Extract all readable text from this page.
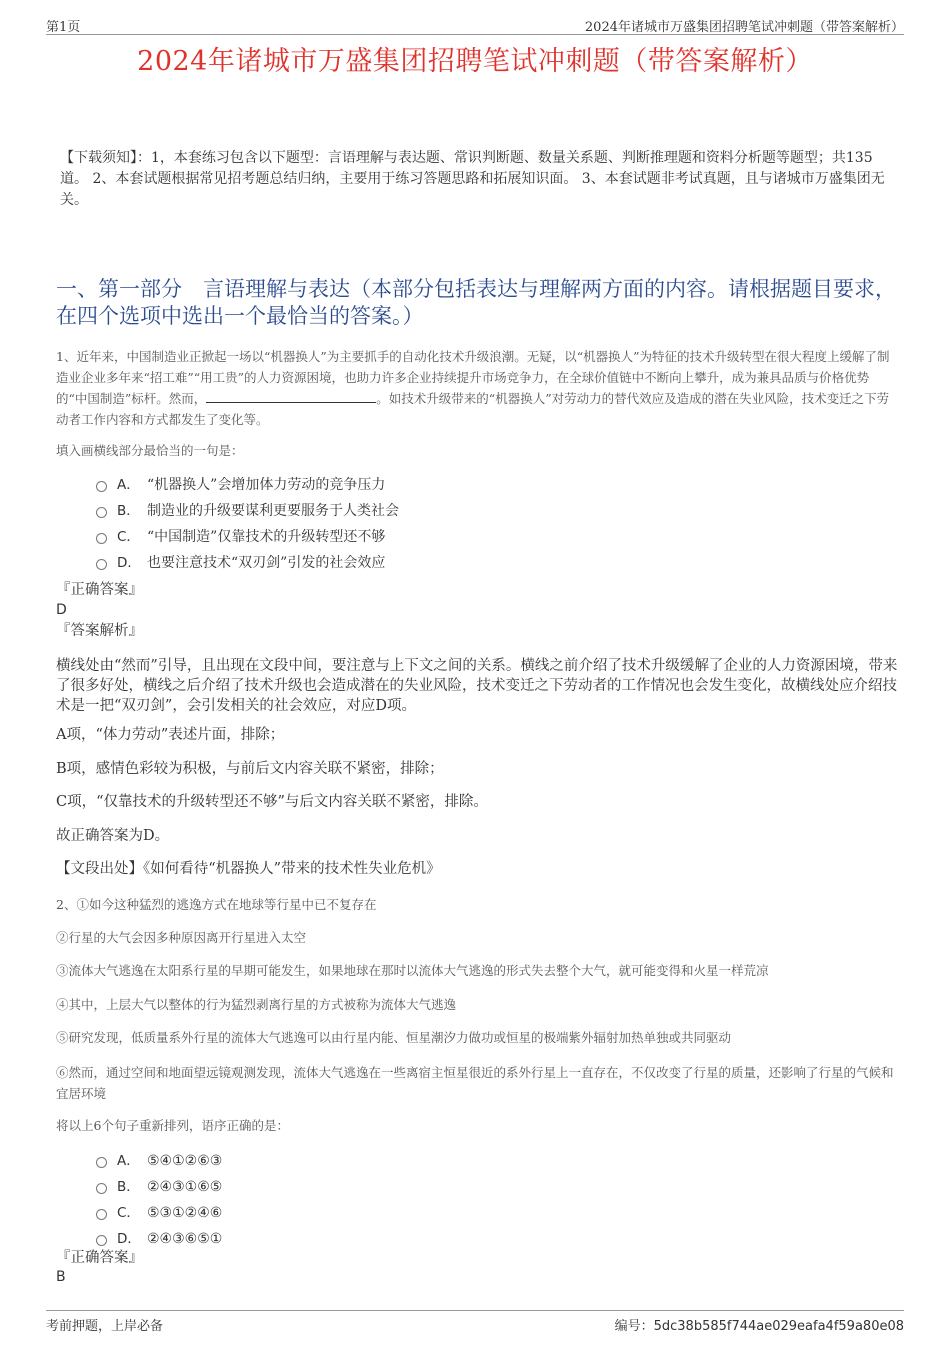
第1页	2024年诸城市万盛集团招聘笔试冲刺题（带答案解析）
2024年诸城市万盛集团招聘笔试冲刺题（带答案解析）
【下载须知】：1，本套练习包含以下题型：言语理解与表达题、常识判断题、数量关系题、判断推理题和资料分析题等题型；共135道。 2、本套试题根据常见招考题总结归纳，主要用于练习答题思路和拓展知识面。 3、本套试题非考试真题，且与诸城市万盛集团无关。
一、第一部分　言语理解与表达（本部分包括表达与理解两方面的内容。请根据题目要求，在四个选项中选出一个最恰当的答案。）
1、近年来，中国制造业正掀起一场以“机器换人”为主要抓手的自动化技术升级浪潮。无疑，以“机器换人”为特征的技术升级转型在很大程度上缓解了制造业企业多年来“招工难”“用工贵”的人力资源困境，也助力许多企业持续提升市场竞争力，在全球价值链中不断向上攀升，成为兼具品质与价格优势的“中国制造”标杆。然而，	。如技术升级带来的“机器换人”对劳动力的替代效应及造成的潜在失业风险，技术变迁之下劳动者工作内容和方式都发生了变化等。
填入画横线部分最恰当的一句是：
A． “机器换人”会增加体力劳动的竞争压力
B． 制造业的升级要谋利更要服务于人类社会
C． “中国制造”仅靠技术的升级转型还不够
D． 也要注意技术“双刃剑”引发的社会效应
『正确答案』
D
『答案解析』
横线处由“然而”引导，且出现在文段中间，要注意与上下文之间的关系。横线之前介绍了技术升级缓解了企业的人力资源困境，带来了很多好处，横线之后介绍了技术升级也会造成潜在的失业风险，技术变迁之下劳动者的工作情况也会发生变化，故横线处应介绍技术是一把“双刃剑”，会引发相关的社会效应，对应D项。
A项，“体力劳动”表述片面，排除；
B项，感情色彩较为积极，与前后文内容关联不紧密，排除；
C项，“仅靠技术的升级转型还不够”与后文内容关联不紧密，排除。
故正确答案为D。
【文段出处】《如何看待“机器换人”带来的技术性失业危机》
2、①如今这种猛烈的逃逸方式在地球等行星中已不复存在
②行星的大气会因多种原因离开行星进入太空
③流体大气逃逸在太阳系行星的早期可能发生，如果地球在那时以流体大气逃逸的形式失去整个大气，就可能变得和火星一样荒凉
④其中，上层大气以整体的行为猛烈剥离行星的方式被称为流体大气逃逸
⑤研究发现，低质量系外行星的流体大气逃逸可以由行星内能、恒星潮汐力做功或恒星的极端紫外辐射加热单独或共同驱动
⑥然而，通过空间和地面望远镜观测发现，流体大气逃逸在一些离宿主恒星很近的系外行星上一直存在，不仅改变了行星的质量，还影响了行星的气候和宜居环境
将以上6个句子重新排列，语序正确的是：
A． ⑤④①②⑥③
B． ②④③①⑥⑤
C． ⑤③①②④⑥
D． ②④③⑥⑤①
『正确答案』
B
考前押题，上岸必备	编号：5dc38b585f744ae029eafa4f59a80e08
